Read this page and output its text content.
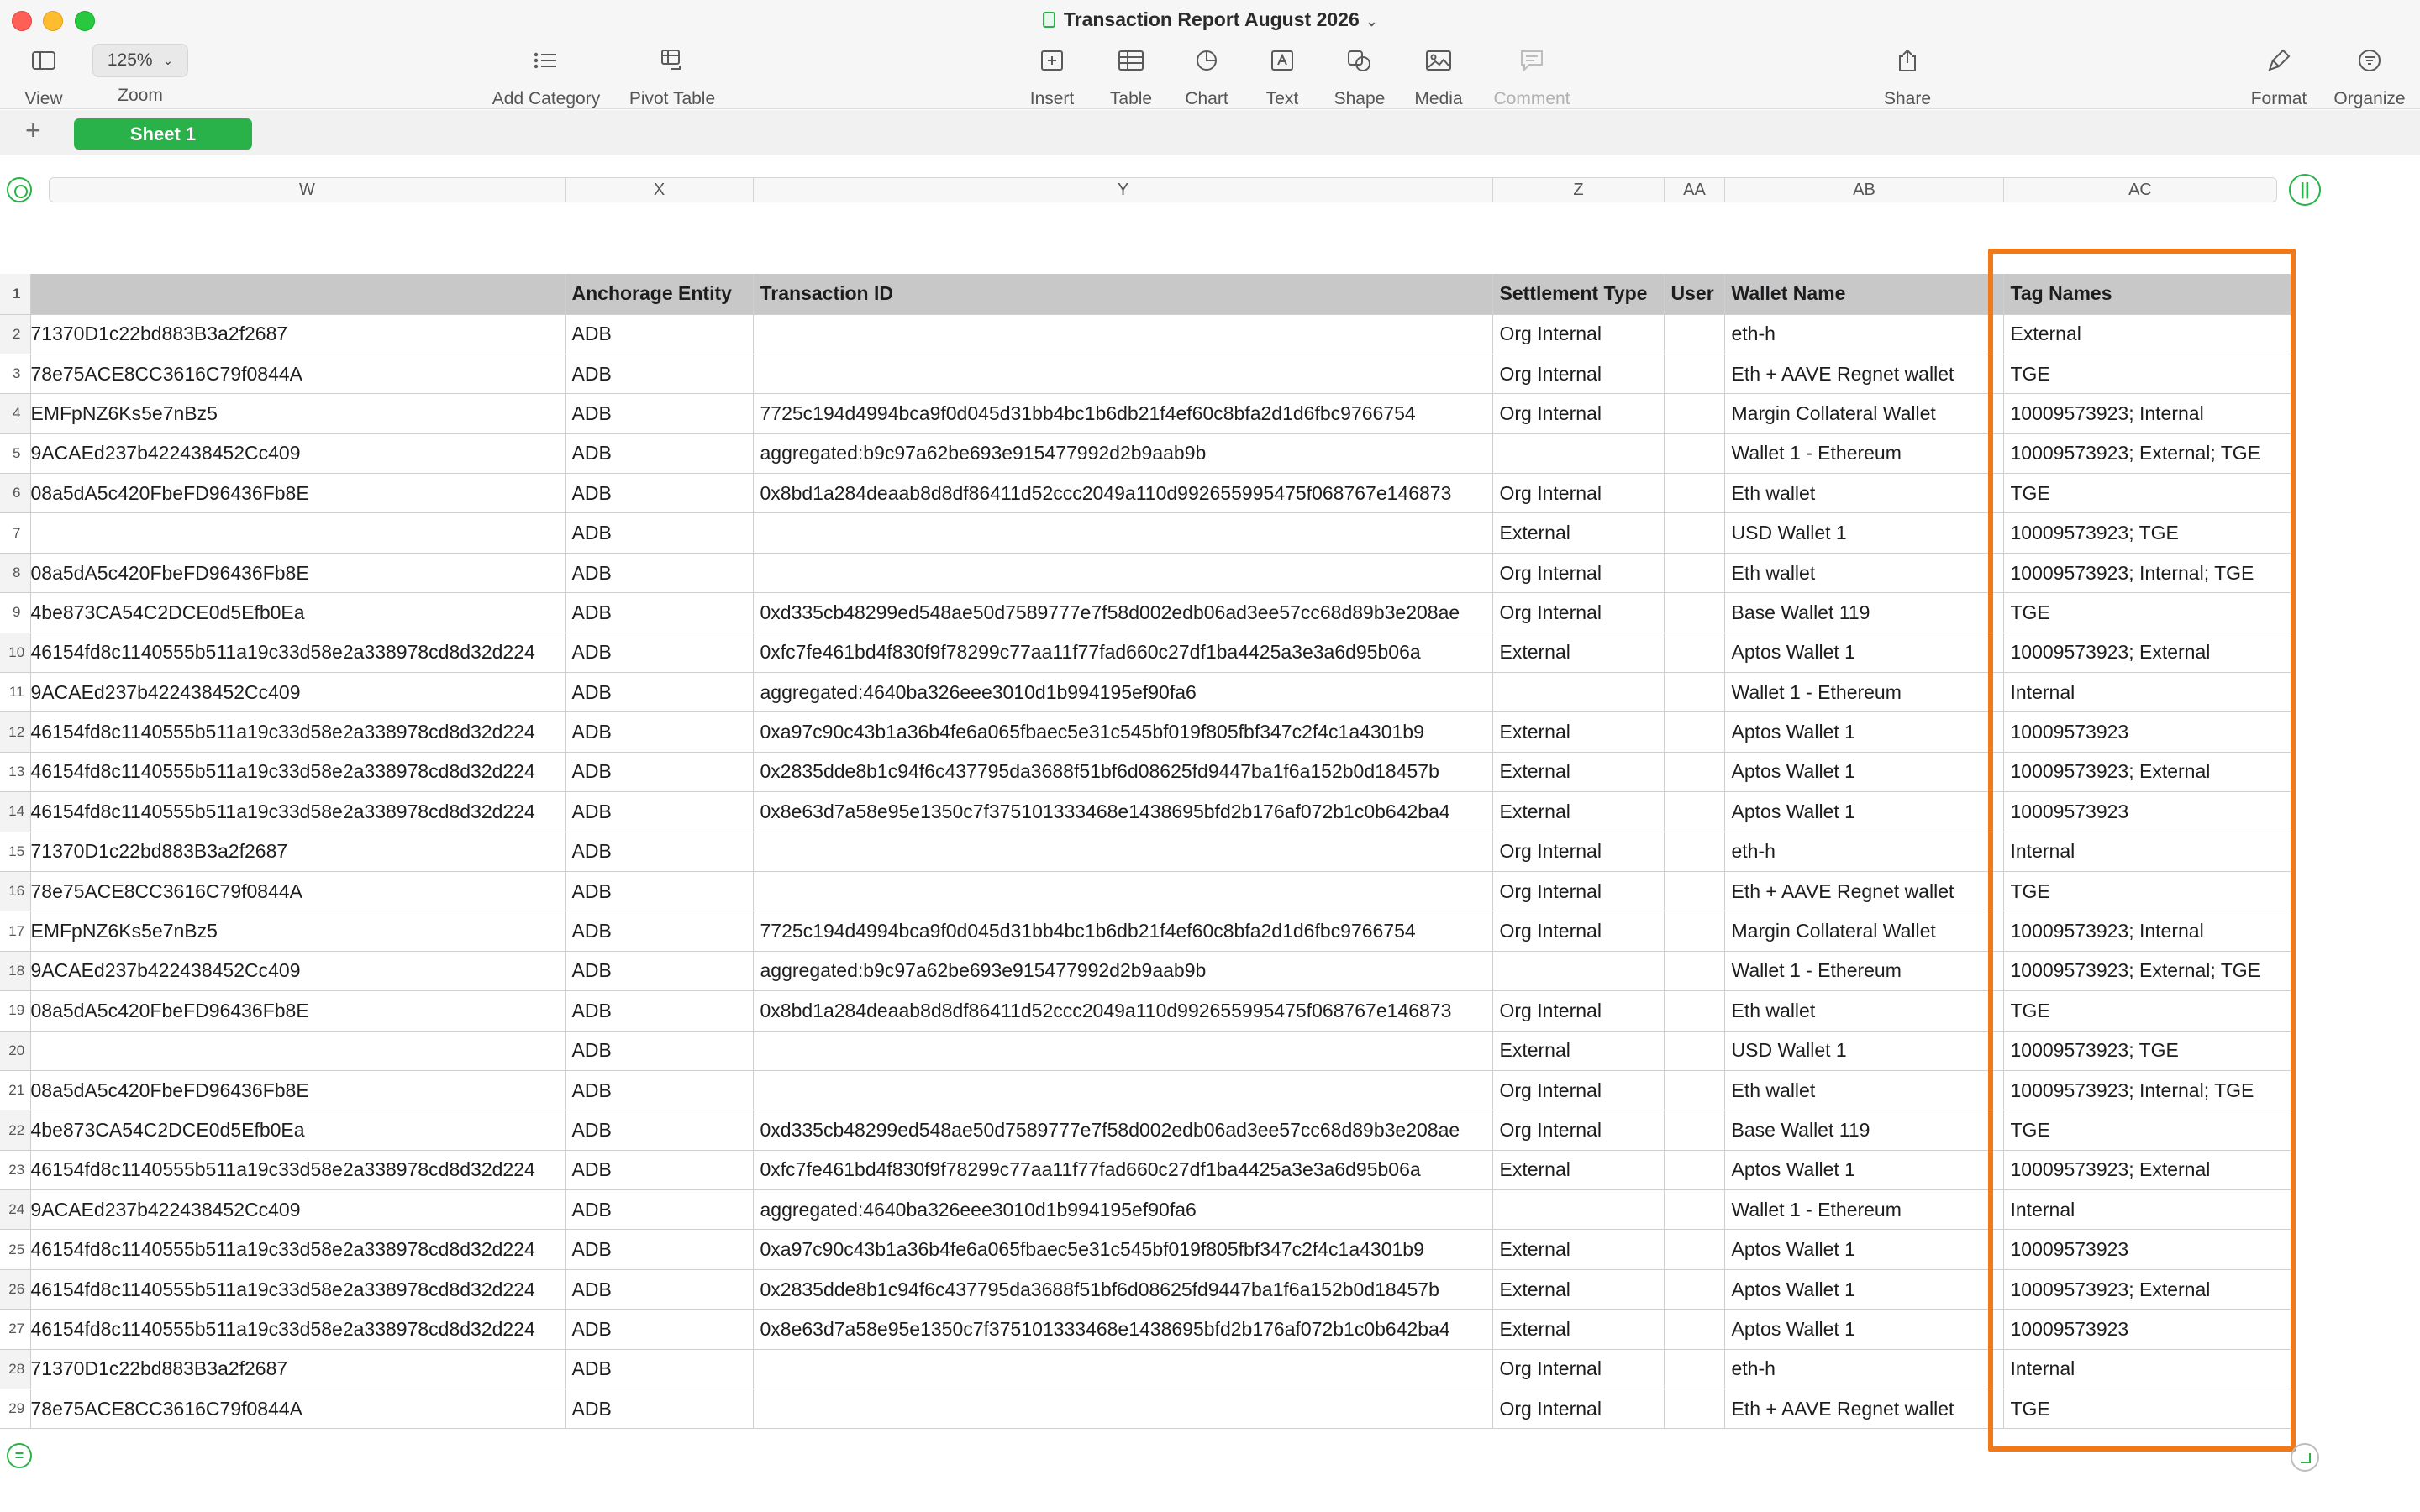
Transaction Report August 2026 ⌄
View
125% ⌄
Zoom	Add Category	Pivot Table	Insert	Table	Chart	Text	Shape	Media	Comment	Share	Format	Organize
+	Sheet 1
W	X	Y	Z	AA	AB	AC	||
1		Anchorage Entity	Transaction ID	Settlement Type	User	Wallet Name	Tag Names
2	71370D1c22bd883B3a2f2687	ADB		Org Internal		eth-h	External
3	78e75ACE8CC3616C79f0844A	ADB		Org Internal		Eth + AAVE Regnet wallet	TGE
4	EMFpNZ6Ks5e7nBz5	ADB	7725c194d4994bca9f0d045d31bb4bc1b6db21f4ef60c8bfa2d1d6fbc9766754	Org Internal		Margin Collateral Wallet	10009573923; Internal
5	9ACAEd237b422438452Cc409	ADB	aggregated:b9c97a62be693e915477992d2b9aab9b			Wallet 1 - Ethereum	10009573923; External; TGE
6	08a5dA5c420FbeFD96436Fb8E	ADB	0x8bd1a284deaab8d8df86411d52ccc2049a110d992655995475f068767e146873	Org Internal		Eth wallet	TGE
7		ADB		External		USD Wallet 1	10009573923; TGE
8	08a5dA5c420FbeFD96436Fb8E	ADB		Org Internal		Eth wallet	10009573923; Internal; TGE
9	4be873CA54C2DCE0d5Efb0Ea	ADB	0xd335cb48299ed548ae50d7589777e7f58d002edb06ad3ee57cc68d89b3e208ae	Org Internal		Base Wallet 119	TGE
10	46154fd8c1140555b511a19c33d58e2a338978cd8d32d224	ADB	0xfc7fe461bd4f830f9f78299c77aa11f77fad660c27df1ba4425a3e3a6d95b06a	External		Aptos Wallet 1	10009573923; External
11	9ACAEd237b422438452Cc409	ADB	aggregated:4640ba326eee3010d1b994195ef90fa6			Wallet 1 - Ethereum	Internal
12	46154fd8c1140555b511a19c33d58e2a338978cd8d32d224	ADB	0xa97c90c43b1a36b4fe6a065fbaec5e31c545bf019f805fbf347c2f4c1a4301b9	External		Aptos Wallet 1	10009573923
13	46154fd8c1140555b511a19c33d58e2a338978cd8d32d224	ADB	0x2835dde8b1c94f6c437795da3688f51bf6d08625fd9447ba1f6a152b0d18457b	External		Aptos Wallet 1	10009573923; External
14	46154fd8c1140555b511a19c33d58e2a338978cd8d32d224	ADB	0x8e63d7a58e95e1350c7f375101333468e1438695bfd2b176af072b1c0b642ba4	External		Aptos Wallet 1	10009573923
15	71370D1c22bd883B3a2f2687	ADB		Org Internal		eth-h	Internal
16	78e75ACE8CC3616C79f0844A	ADB		Org Internal		Eth + AAVE Regnet wallet	TGE
17	EMFpNZ6Ks5e7nBz5	ADB	7725c194d4994bca9f0d045d31bb4bc1b6db21f4ef60c8bfa2d1d6fbc9766754	Org Internal		Margin Collateral Wallet	10009573923; Internal
18	9ACAEd237b422438452Cc409	ADB	aggregated:b9c97a62be693e915477992d2b9aab9b			Wallet 1 - Ethereum	10009573923; External; TGE
19	08a5dA5c420FbeFD96436Fb8E	ADB	0x8bd1a284deaab8d8df86411d52ccc2049a110d992655995475f068767e146873	Org Internal		Eth wallet	TGE
20		ADB		External		USD Wallet 1	10009573923; TGE
21	08a5dA5c420FbeFD96436Fb8E	ADB		Org Internal		Eth wallet	10009573923; Internal; TGE
22	4be873CA54C2DCE0d5Efb0Ea	ADB	0xd335cb48299ed548ae50d7589777e7f58d002edb06ad3ee57cc68d89b3e208ae	Org Internal		Base Wallet 119	TGE
23	46154fd8c1140555b511a19c33d58e2a338978cd8d32d224	ADB	0xfc7fe461bd4f830f9f78299c77aa11f77fad660c27df1ba4425a3e3a6d95b06a	External		Aptos Wallet 1	10009573923; External
24	9ACAEd237b422438452Cc409	ADB	aggregated:4640ba326eee3010d1b994195ef90fa6			Wallet 1 - Ethereum	Internal
25	46154fd8c1140555b511a19c33d58e2a338978cd8d32d224	ADB	0xa97c90c43b1a36b4fe6a065fbaec5e31c545bf019f805fbf347c2f4c1a4301b9	External		Aptos Wallet 1	10009573923
26	46154fd8c1140555b511a19c33d58e2a338978cd8d32d224	ADB	0x2835dde8b1c94f6c437795da3688f51bf6d08625fd9447ba1f6a152b0d18457b	External		Aptos Wallet 1	10009573923; External
27	46154fd8c1140555b511a19c33d58e2a338978cd8d32d224	ADB	0x8e63d7a58e95e1350c7f375101333468e1438695bfd2b176af072b1c0b642ba4	External		Aptos Wallet 1	10009573923
28	71370D1c22bd883B3a2f2687	ADB		Org Internal		eth-h	Internal
29	78e75ACE8CC3616C79f0844A	ADB		Org Internal		Eth + AAVE Regnet wallet	TGE
=
